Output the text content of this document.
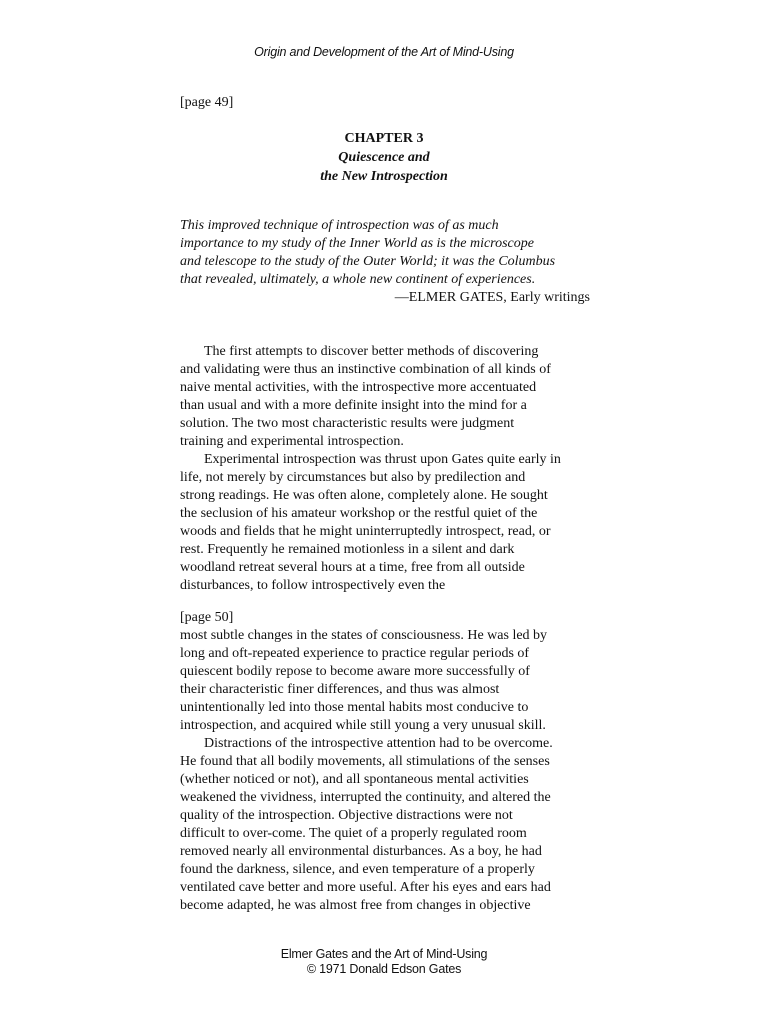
Origin and Development of the Art of Mind-Using
[page 49]
CHAPTER 3
Quiescence and
the New Introspection
This improved technique of introspection was of as much
importance to my study of the Inner World as is the microscope
and telescope to the study of the Outer World; it was the Columbus
that revealed, ultimately, a whole new continent of experiences.
—ELMER GATES, Early writings
The first attempts to discover better methods of discovering
and validating were thus an instinctive combination of all kinds of
naive mental activities, with the introspective more accentuated
than usual and with a more definite insight into the mind for a
solution. The two most characteristic results were judgment
training and experimental introspection.
Experimental introspection was thrust upon Gates quite early in
life, not merely by circumstances but also by predilection and
strong readings. He was often alone, completely alone. He sought
the seclusion of his amateur workshop or the restful quiet of the
woods and fields that he might uninterruptedly introspect, read, or
rest. Frequently he remained motionless in a silent and dark
woodland retreat several hours at a time, free from all outside
disturbances, to follow introspectively even the
[page 50]
most subtle changes in the states of consciousness. He was led by
long and oft-repeated experience to practice regular periods of
quiescent bodily repose to become aware more successfully of
their characteristic finer differences, and thus was almost
unintentionally led into those mental habits most conducive to
introspection, and acquired while still young a very unusual skill.
Distractions of the introspective attention had to be overcome.
He found that all bodily movements, all stimulations of the senses
(whether noticed or not), and all spontaneous mental activities
weakened the vividness, interrupted the continuity, and altered the
quality of the introspection. Objective distractions were not
difficult to over-come. The quiet of a properly regulated room
removed nearly all environmental disturbances. As a boy, he had
found the darkness, silence, and even temperature of a properly
ventilated cave better and more useful. After his eyes and ears had
become adapted, he was almost free from changes in objective
Elmer Gates and the Art of Mind-Using
© 1971 Donald Edson Gates
